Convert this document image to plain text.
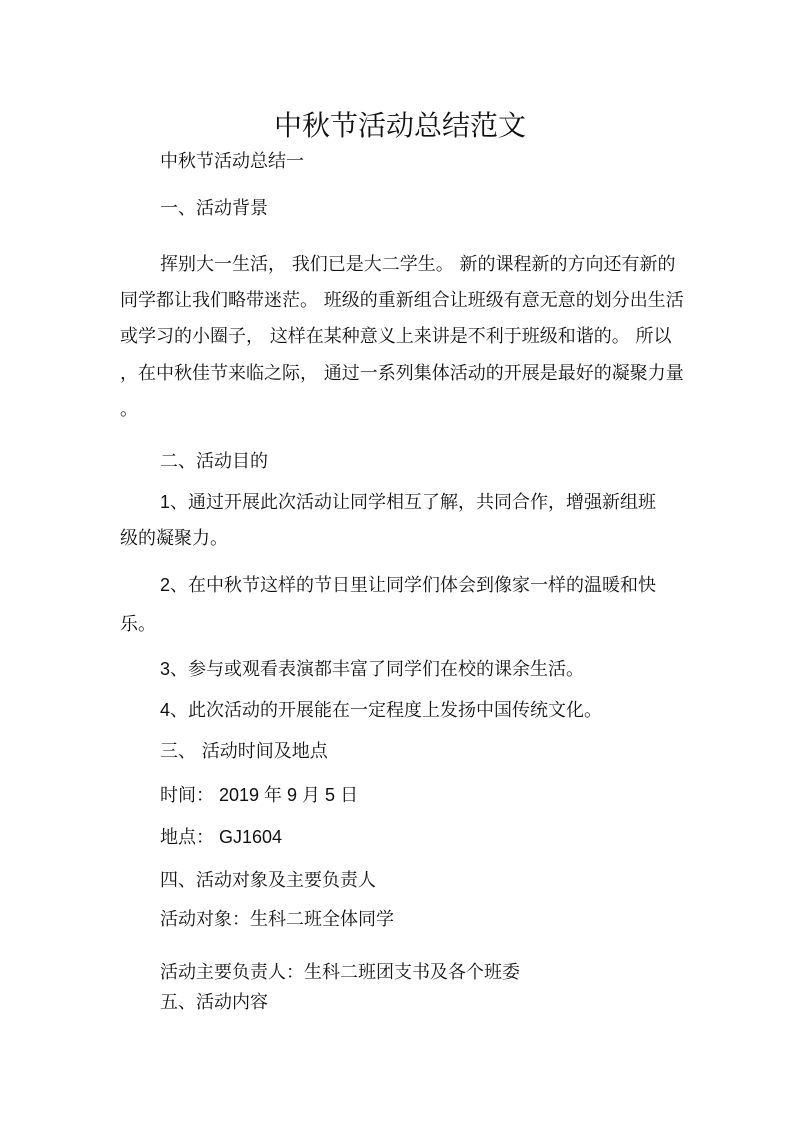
中秋节活动总结范文
中秋节活动总结一
一、活动背景
挥别大一生活， 我们已是大二学生。 新的课程新的方向还有新的
同学都让我们略带迷茫。 班级的重新组合让班级有意无意的划分出生活
或学习的小圈子， 这样在某种意义上来讲是不利于班级和谐的。 所以
，在中秋佳节来临之际， 通过一系列集体活动的开展是最好的凝聚力量
。
二、活动目的
1、通过开展此次活动让同学相互了解，共同合作，增强新组班
级的凝聚力。
2、在中秋节这样的节日里让同学们体会到像家一样的温暖和快
乐。
3、参与或观看表演都丰富了同学们在校的课余生活。
4、此次活动的开展能在一定程度上发扬中国传统文化。
三、 活动时间及地点
时间： 2019 年 9 月 5 日
地点： GJ1604
四、活动对象及主要负责人
活动对象：生科二班全体同学
活动主要负责人：生科二班团支书及各个班委
五、活动内容
